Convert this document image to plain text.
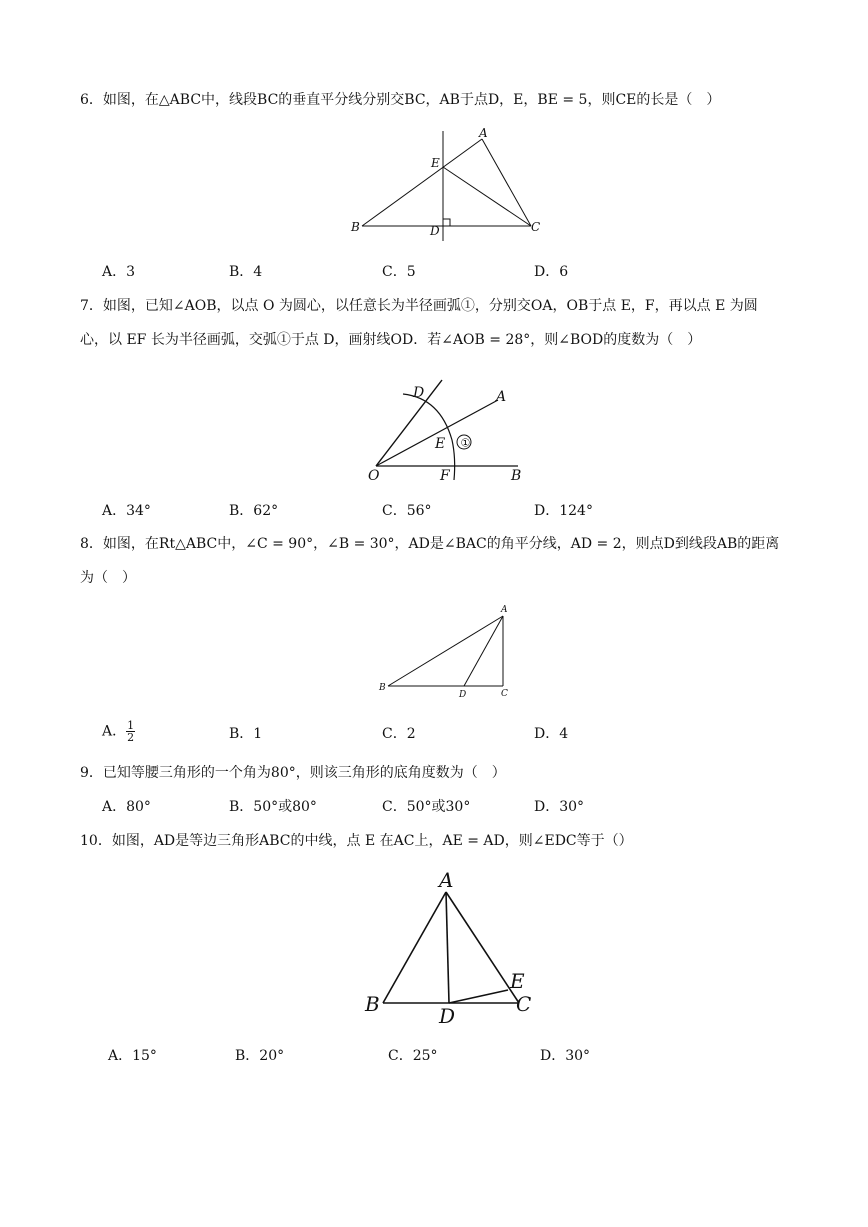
6．如图，在△ABC中，线段BC的垂直平分线分别交BC，AB于点D，E，BE = 5，则CE的长是（　）
A
E
B	D	C
A．3	B．4	C．5	D．6
7．如图，已知∠AOB，以点 O 为圆心，以任意长为半径画弧①，分别交OA，OB于点 E，F，再以点 E 为圆
心，以 EF 长为半径画弧，交弧①于点 D，画射线OD．若∠AOB = 28°，则∠BOD的度数为（　）
D	A
E ①
O	F	B
A．34°	B．62°	C．56°	D．124°
8．如图，在Rt△ABC中，∠C = 90°，∠B = 30°，AD是∠BAC的角平分线，AD = 2，则点D到线段AB的距离
为（　）
A
B
D	C
A． $\frac{1}{2}$	B．1	C．2	D．4
9．已知等腰三角形的一个角为80°，则该三角形的底角度数为（　）
A．80°	B．50°或80°	C．50°或30°	D．30°
10．如图，AD是等边三角形ABC的中线，点 E 在AC上，AE = AD，则∠EDC等于（）
A
B	D
E
C
A．15°	B．20°	C．25°	D．30°
